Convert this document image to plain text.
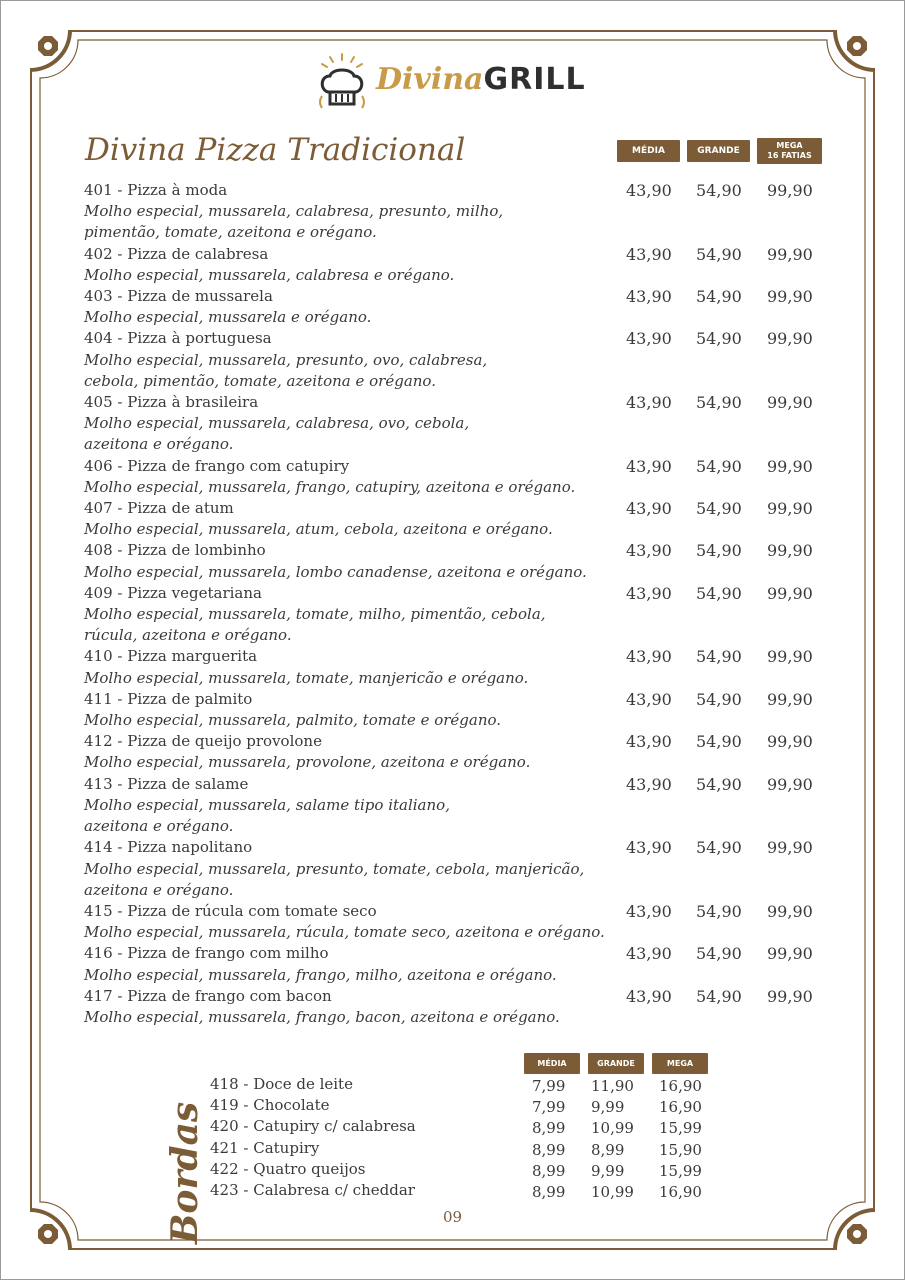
DivinaGRILL
Divina Pizza Tradicional	MÉDIA	GRANDE
MEGA
16 FATIAS
401 - Pizza à moda
Molho especial, mussarela, calabresa, presunto, milho,
pimentão, tomate, azeitona e orégano.
43,90 54,90 99,90
402 - Pizza de calabresa
Molho especial, mussarela, calabresa e orégano.
43,90 54,90 99,90
403 - Pizza de mussarela
Molho especial, mussarela e orégano.
43,90 54,90 99,90
404 - Pizza à portuguesa
Molho especial, mussarela, presunto, ovo, calabresa,
cebola, pimentão, tomate, azeitona e orégano.
43,90 54,90 99,90
405 - Pizza à brasileira
Molho especial, mussarela, calabresa, ovo, cebola,
azeitona e orégano.
43,90 54,90 99,90
406 - Pizza de frango com catupiry
Molho especial, mussarela, frango, catupiry, azeitona e orégano.
43,90 54,90 99,90
407 - Pizza de atum
Molho especial, mussarela, atum, cebola, azeitona e orégano.
43,90 54,90 99,90
408 - Pizza de lombinho
Molho especial, mussarela, lombo canadense, azeitona e orégano.
43,90 54,90 99,90
409 - Pizza vegetariana
Molho especial, mussarela, tomate, milho, pimentão, cebola,
rúcula, azeitona e orégano.
43,90 54,90 99,90
410 - Pizza marguerita
Molho especial, mussarela, tomate, manjericão e orégano.
43,90 54,90 99,90
411 - Pizza de palmito
Molho especial, mussarela, palmito, tomate e orégano.
43,90 54,90 99,90
412 - Pizza de queijo provolone
Molho especial, mussarela, provolone, azeitona e orégano.
43,90 54,90 99,90
413 - Pizza de salame
Molho especial, mussarela, salame tipo italiano,
azeitona e orégano.
43,90 54,90 99,90
414 - Pizza napolitano
Molho especial, mussarela, presunto, tomate, cebola, manjericão,
azeitona e orégano.
43,90 54,90 99,90
415 - Pizza de rúcula com tomate seco
Molho especial, mussarela, rúcula, tomate seco, azeitona e orégano.
43,90 54,90 99,90
416 - Pizza de frango com milho
Molho especial, mussarela, frango, milho, azeitona e orégano.
43,90 54,90 99,90
417 - Pizza de frango com bacon
Molho especial, mussarela, frango, bacon, azeitona e orégano.
43,90 54,90 99,90
Bordas
MÉDIA	GRANDE	MEGA
418 - Doce de leite	7,99 11,90 16,90
419 - Chocolate	7,99 9,99 16,90
420 - Catupiry c/ calabresa	8,99 10,99 15,99
421 - Catupiry	8,99 8,99 15,90
422 - Quatro queijos	8,99 9,99 15,99
423 - Calabresa c/ cheddar	8,99 10,99 16,90
09
